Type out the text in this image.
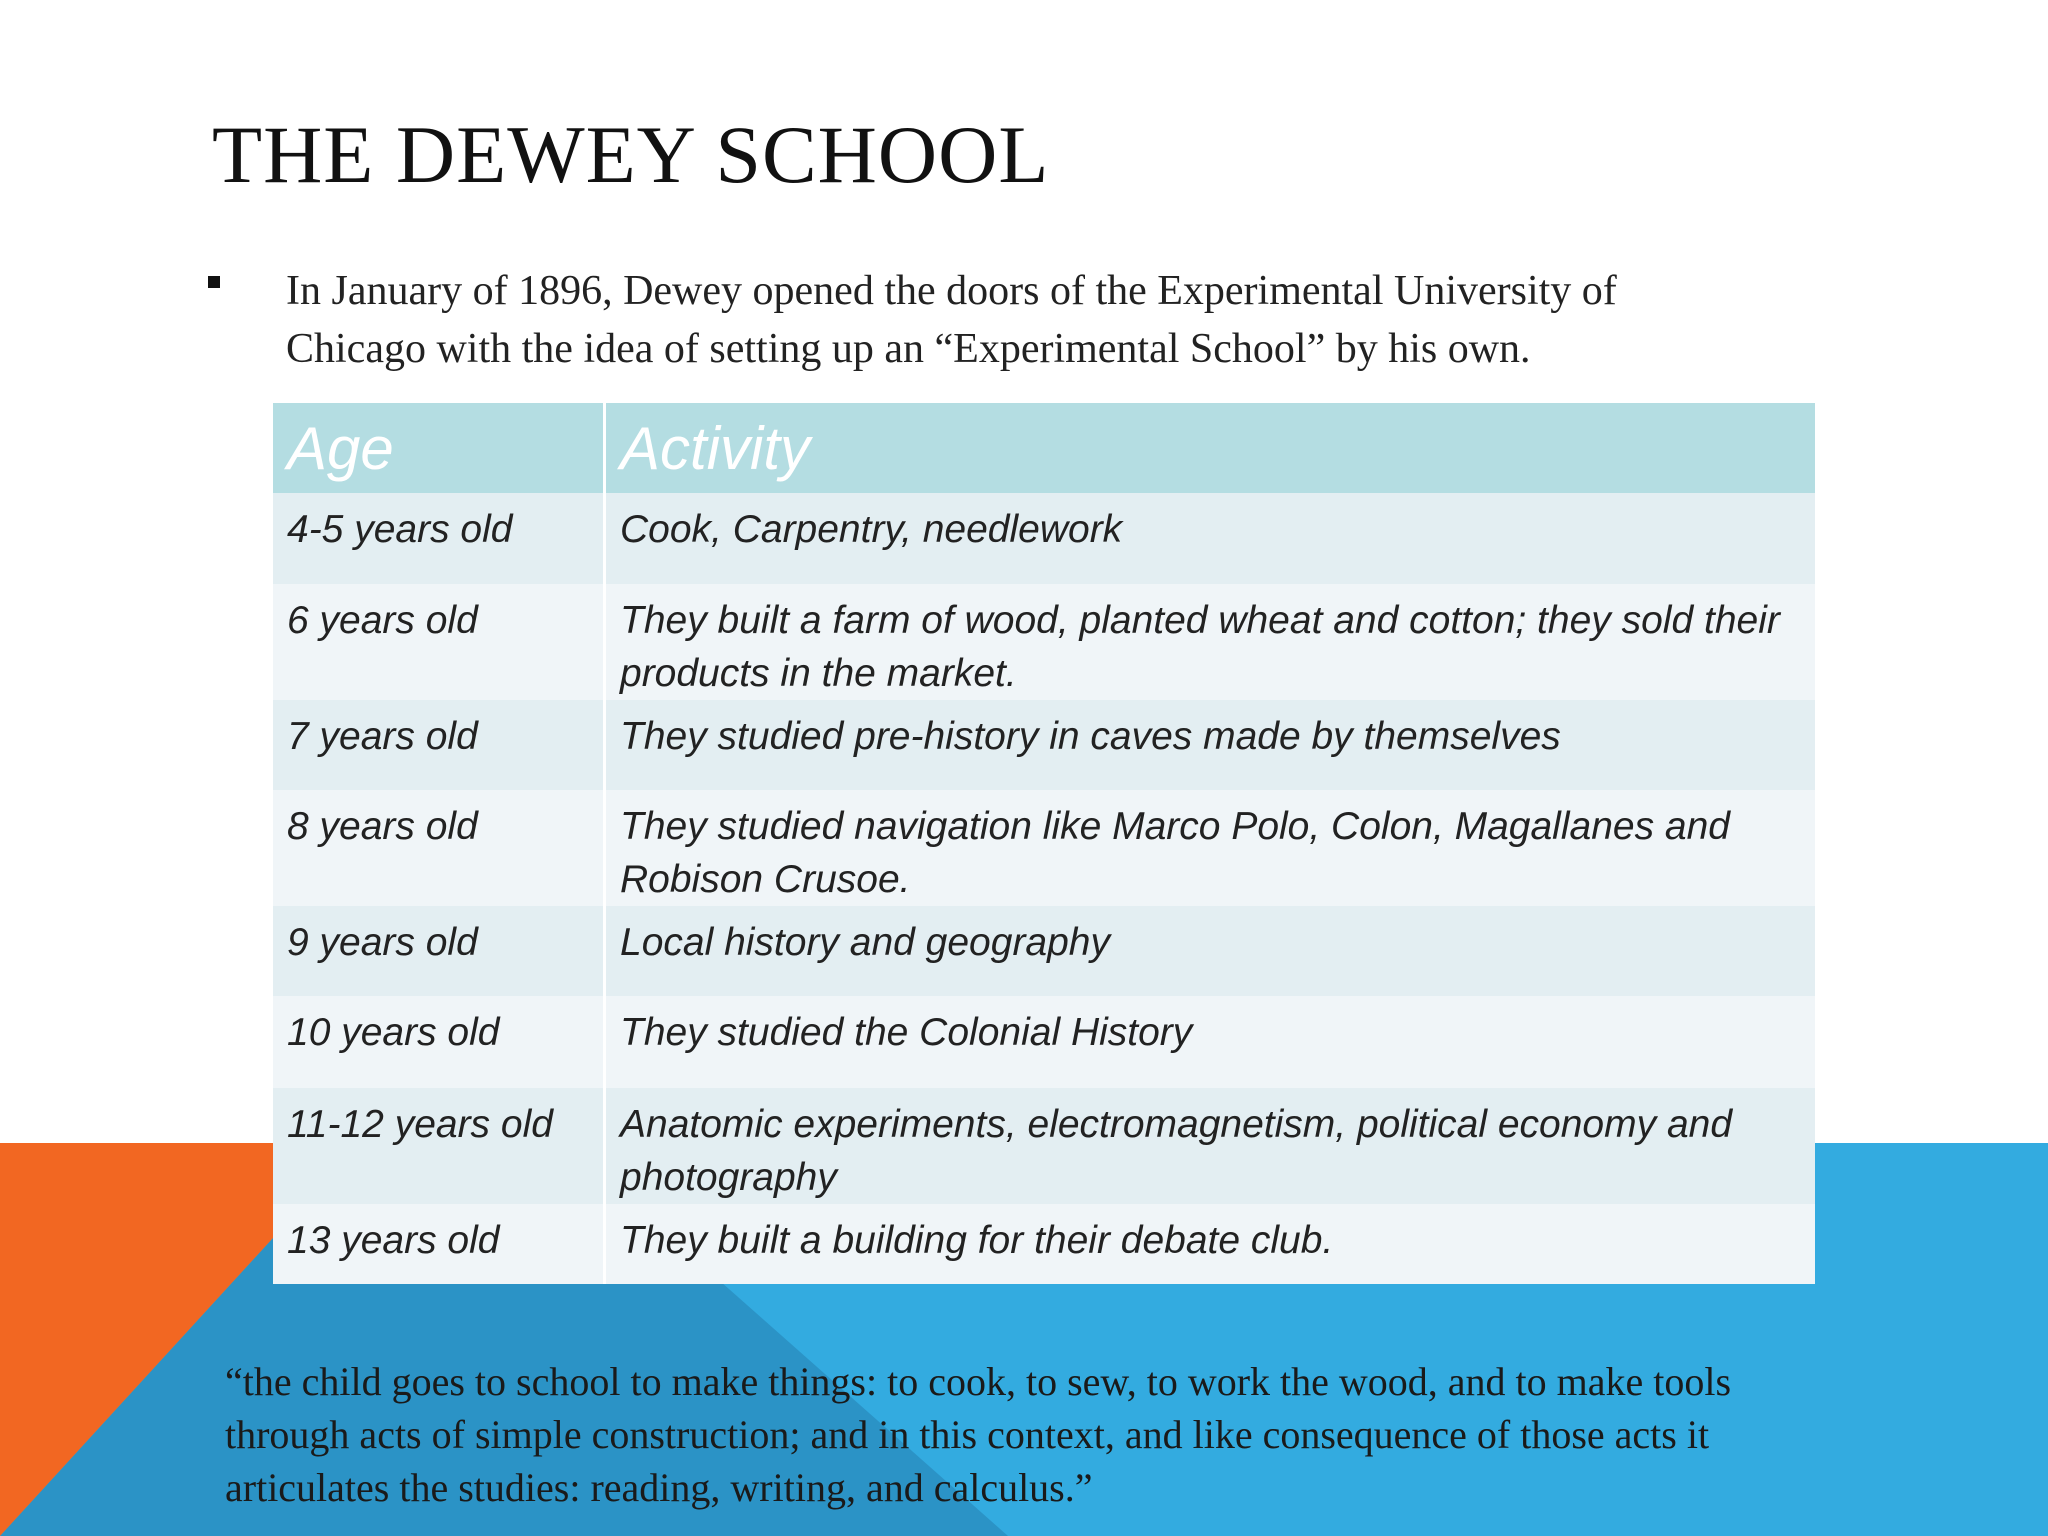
THE DEWEY SCHOOL
In January of 1896, Dewey opened the doors of the Experimental University of Chicago with the idea of setting up an “Experimental School” by his own.
Age	Activity
4-5 years old	Cook, Carpentry, needlework
6 years old	They built a farm of wood, planted wheat and cotton; they sold their products in the market.
7 years old	They studied pre-history in caves made by themselves
8 years old	They studied navigation like Marco Polo, Colon, Magallanes and Robison Crusoe.
9 years old	Local history and geography
10 years old	They studied the Colonial History
11-12 years old	Anatomic experiments, electromagnetism, political economy and photography
13 years old	They built a building for their debate club.
“the child goes to school to make things: to cook, to sew, to work the wood, and to make tools through acts of simple construction; and in this context, and like consequence of those acts it articulates the studies: reading, writing, and calculus.”
